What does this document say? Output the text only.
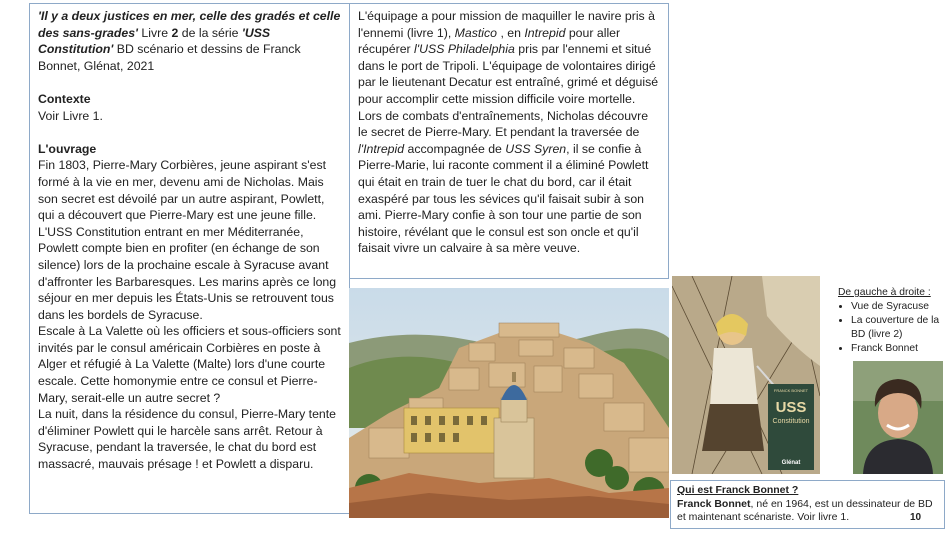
'Il y a deux justices en mer, celle des gradés et celle des sans-grades' Livre 2 de la série 'USS Constitution' BD scénario et dessins de Franck Bonnet, Glénat, 2021

Contexte

Voir Livre 1.

L'ouvrage

Fin 1803, Pierre-Mary Corbières, jeune aspirant s'est formé à la vie en mer, devenu ami de Nicholas. Mais son secret est dévoilé par un autre aspirant, Powlett, qui a découvert que Pierre-Mary est une jeune fille.

L'USS Constitution entrant en mer Méditerranée, Powlett compte bien en profiter (en échange de son silence) lors de la prochaine escale à Syracuse avant d'affronter les Barbaresques. Les marins après ce long séjour en mer depuis les États-Unis se retrouvent tous dans les bordels de Syracuse.

Escale à La Valette où les officiers et sous-officiers sont invités par le consul américain Corbières en poste à Alger et réfugié à La Valette (Malte) lors d'une courte escale. Cette homonymie entre ce consul et Pierre-Mary, serait-elle un autre secret ?

La nuit, dans la résidence du consul, Pierre-Mary tente d'éliminer Powlett qui le harcèle sans arrêt. Retour à Syracuse, pendant la traversée, le chat du bord est massacré, mauvais présage ! et Powlett a disparu.

L'équipage a pour mission de maquiller le navire pris à l'ennemi (livre 1), Mastico , en Intrepid pour aller récupérer l'USS Philadelphia pris par l'ennemi et situé dans le port de Tripoli. L'équipage de volontaires dirigé par le lieutenant Decatur est entraîné, grimé et déguisé pour accomplir cette mission difficile voire mortelle. Lors de combats d'entraînements, Nicholas découvre le secret de Pierre-Mary. Et pendant la traversée de l'Intrepid accompagnée de USS Syren, il se confie à Pierre-Marie, lui raconte comment il a éliminé Powlett qui était en train de tuer le chat du bord, car il était exaspéré par tous les sévices qu'il faisait subir à son ami. Pierre-Mary confie à son tour une partie de son histoire, révélant que le consul est son oncle et qu'il faisait vivre un calvaire à sa mère veuve.

FRANCK BONNET
USS
Constitution
Glénat
De gauche à droite :
• Vue de Syracuse
• La couverture de la BD (livre 2)
• Franck Bonnet
Qui est Franck Bonnet ?
Franck Bonnet, né en 1964, est un dessinateur de BD et maintenant scénariste. Voir livre 1.	10
